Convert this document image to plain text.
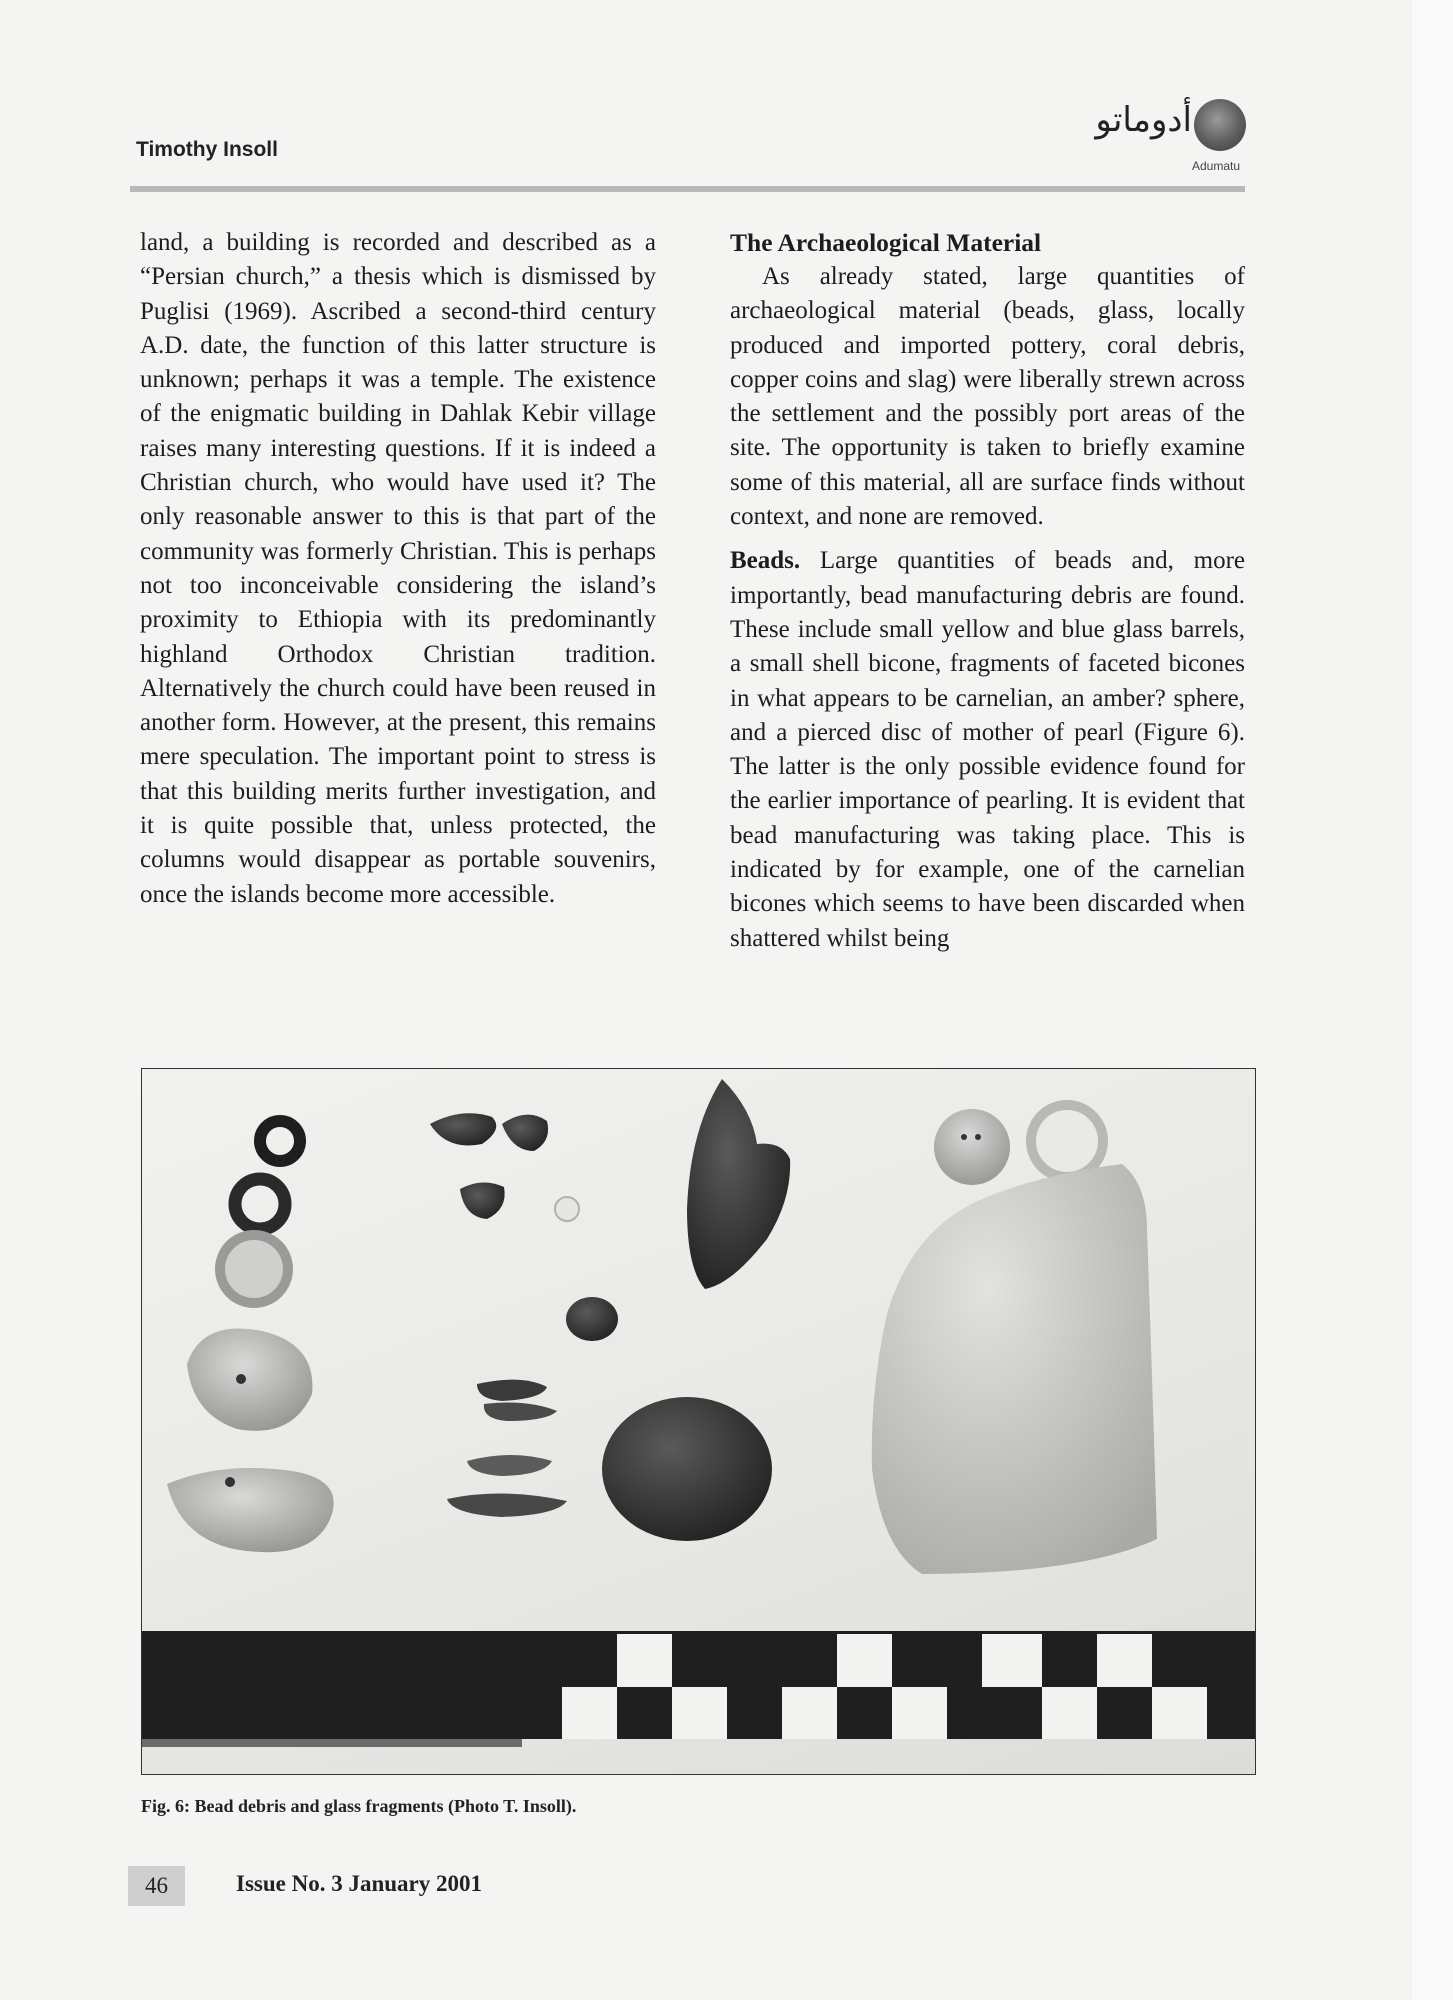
Timothy Insoll
أدوماتو
Adumatu

land, a building is recorded and described as a “Persian church,” a thesis which is dismissed by Puglisi (1969). Ascribed a second-third century A.D. date, the function of this latter structure is unknown; perhaps it was a temple. The existence of the enigmatic building in Dahlak Kebir village raises many interesting questions. If it is indeed a Christian church, who would have used it? The only reasonable answer to this is that part of the community was formerly Christian. This is perhaps not too inconceivable considering the island’s proximity to Ethiopia with its predominantly highland Orthodox Christian tradition. Alternatively the church could have been reused in another form. However, at the present, this remains mere speculation. The important point to stress is that this building merits further investigation, and it is quite possible that, unless protected, the columns would disappear as portable souvenirs, once the islands become more accessible.

The Archaeological Material

As already stated, large quantities of archaeological material (beads, glass, locally produced and imported pottery, coral debris, copper coins and slag) were liberally strewn across the settlement and the possibly port areas of the site. The opportunity is taken to briefly examine some of this material, all are surface finds without context, and none are removed.

Beads. Large quantities of beads and, more importantly, bead manufacturing debris are found. These include small yellow and blue glass barrels, a small shell bicone, fragments of faceted bicones in what appears to be carnelian, an amber? sphere, and a pierced disc of mother of pearl (Figure 6). The latter is the only possible evidence found for the earlier importance of pearling. It is evident that bead manufacturing was taking place. This is indicated by for example, one of the carnelian bicones which seems to have been discarded when shattered whilst being

Fig. 6: Bead debris and glass fragments (Photo T. Insoll).
46	Issue No. 3 January 2001
